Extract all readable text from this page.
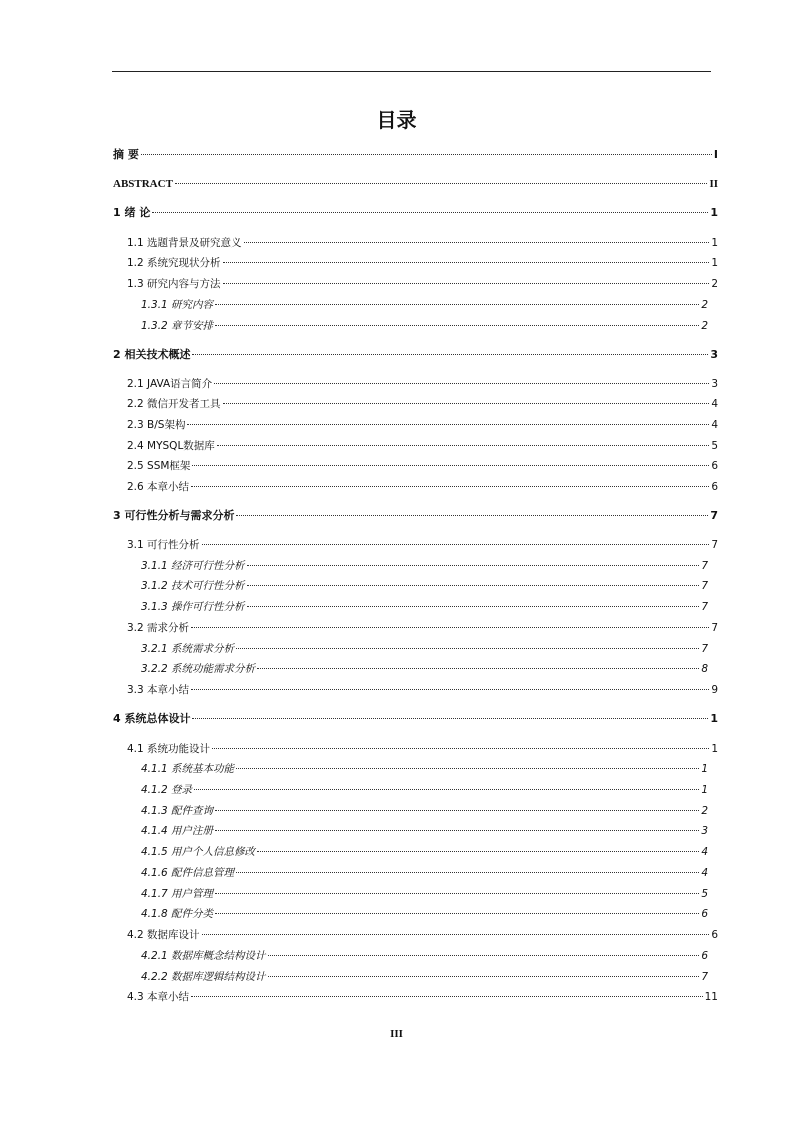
目录
摘 要	I
ABSTRACT	II
1 绪 论	1
1.1 选题背景及研究意义	1
1.2 系统究现状分析	1
1.3 研究内容与方法	2
1.3.1 研究内容	2
1.3.2 章节安排	2
2 相关技术概述	3
2.1 JAVA语言简介	3
2.2 微信开发者工具	4
2.3 B/S架构	4
2.4 MYSQL数据库	5
2.5 SSM框架	6
2.6 本章小结	6
3 可行性分析与需求分析	7
3.1 可行性分析	7
3.1.1 经济可行性分析	7
3.1.2 技术可行性分析	7
3.1.3 操作可行性分析	7
3.2 需求分析	7
3.2.1 系统需求分析	7
3.2.2 系统功能需求分析	8
3.3 本章小结	9
4 系统总体设计	1
4.1 系统功能设计	1
4.1.1 系统基本功能	1
4.1.2 登录	1
4.1.3 配件查询	2
4.1.4 用户注册	3
4.1.5 用户个人信息修改	4
4.1.6 配件信息管理	4
4.1.7 用户管理	5
4.1.8 配件分类	6
4.2 数据库设计	6
4.2.1 数据库概念结构设计	6
4.2.2 数据库逻辑结构设计	7
4.3 本章小结	11
III
